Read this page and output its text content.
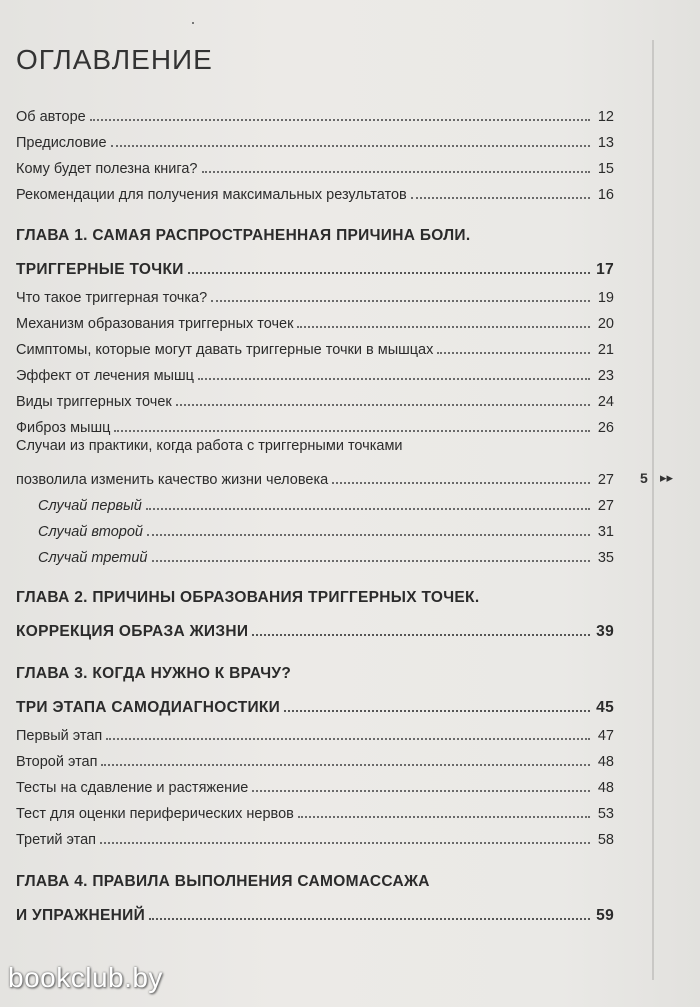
ОГЛАВЛЕНИЕ
Об авторе	12
Предисловие	13
Кому будет полезна книга?	15
Рекомендации для получения максимальных результатов	16
ГЛАВА 1. САМАЯ РАСПРОСТРАНЕННАЯ ПРИЧИНА БОЛИ.
ТРИГГЕРНЫЕ ТОЧКИ	17
Что такое триггерная точка?	19
Механизм образования триггерных точек	20
Симптомы, которые могут давать триггерные точки в мышцах	21
Эффект от лечения мышц	23
Виды триггерных точек	24
Фиброз мышц	26
Случаи из практики, когда работа с триггерными точками
позволила изменить качество жизни человека	27
Случай первый	27
Случай второй	31
Случай третий	35
ГЛАВА 2. ПРИЧИНЫ ОБРАЗОВАНИЯ ТРИГГЕРНЫХ ТОЧЕК.
КОРРЕКЦИЯ ОБРАЗА ЖИЗНИ	39
ГЛАВА 3. КОГДА НУЖНО К ВРАЧУ?
ТРИ ЭТАПА САМОДИАГНОСТИКИ	45
Первый этап	47
Второй этап	48
Тесты на сдавление и растяжение	48
Тест для оценки периферических нервов	53
Третий этап	58
ГЛАВА 4. ПРАВИЛА ВЫПОЛНЕНИЯ САМОМАССАЖА
И УПРАЖНЕНИЙ	59
5 ▸▸
bookclub.by
